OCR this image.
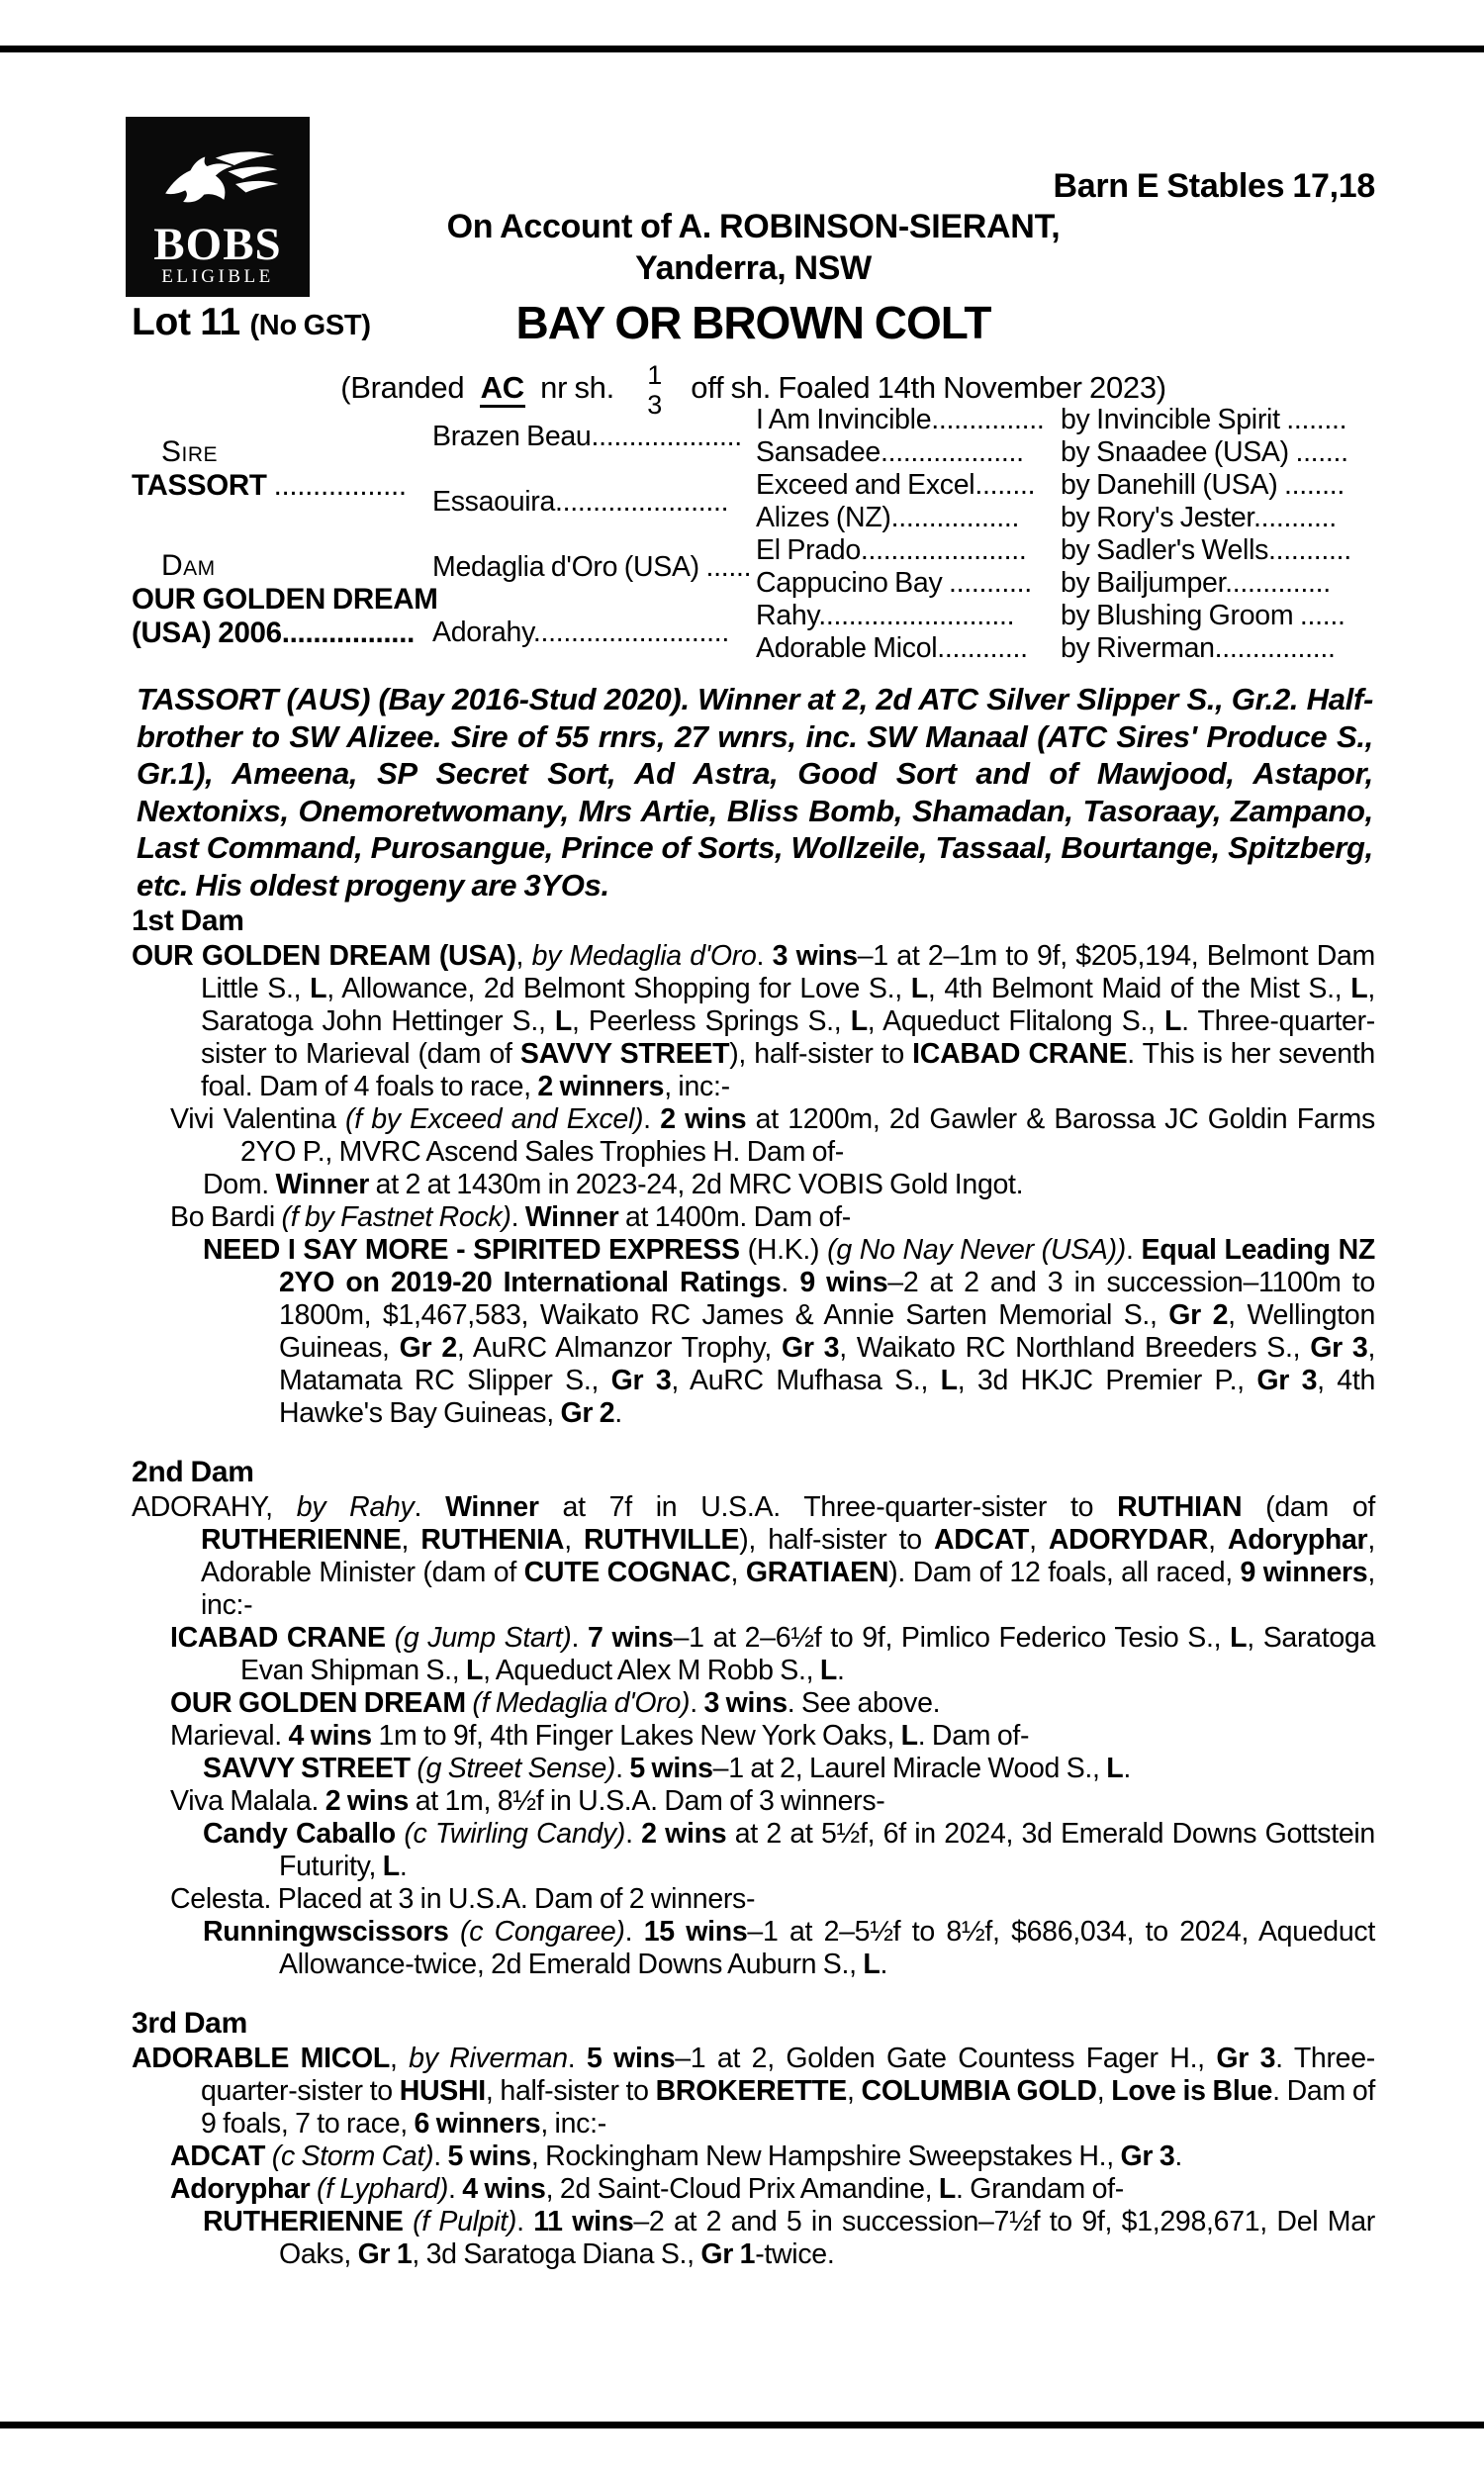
BOBS
ELIGIBLE
Barn E Stables 17,18
On Account of A. ROBINSON-SIERANT,
Yanderra, NSW
Lot 11 (No GST)	BAY OR BROWN COLT
(Branded AC nr sh. 1
3 off sh. Foaled 14th November 2023)
Sire
TASSORT .................
Dam
OUR GOLDEN DREAM
(USA) 2006.................
Brazen Beau....................
Essaouira.......................
Medaglia d'Oro (USA) ......
Adorahy..........................
I Am Invincible...............
Sansadee...................
Exceed and Excel........
Alizes (NZ).................
El Prado......................
Cappucino Bay ...........
Rahy..........................
Adorable Micol............
by Invincible Spirit ........
by Snaadee (USA) .......
by Danehill (USA) ........
by Rory's Jester...........
by Sadler's Wells...........
by Bailjumper..............
by Blushing Groom ......
by Riverman................
TASSORT (AUS) (Bay 2016-Stud 2020). Winner at 2, 2d ATC Silver Slipper S., Gr.2. Half-brother to SW Alizee. Sire of 55 rnrs, 27 wnrs, inc. SW Manaal (ATC Sires' Produce S., Gr.1), Ameena, SP Secret Sort, Ad Astra, Good Sort and of Mawjood, Astapor, Nextonixs, Onemoretwomany, Mrs Artie, Bliss Bomb, Shamadan, Tasoraay, Zampano, Last Command, Purosangue, Prince of Sorts, Wollzeile, Tassaal, Bourtange, Spitzberg, etc. His oldest progeny are 3YOs.
1st Dam

OUR GOLDEN DREAM (USA), by Medaglia d'Oro. 3 wins–1 at 2–1m to 9f, $205,194, Belmont Dam Little S., L, Allowance, 2d Belmont Shopping for Love S., L, 4th Belmont Maid of the Mist S., L, Saratoga John Hettinger S., L, Peerless Springs S., L, Aqueduct Flitalong S., L. Three-quarter-sister to Marieval (dam of SAVVY STREET), half-sister to ICABAD CRANE. This is her seventh foal. Dam of 4 foals to race, 2 winners, inc:-

Vivi Valentina (f by Exceed and Excel). 2 wins at 1200m, 2d Gawler & Barossa JC Goldin Farms 2YO P., MVRC Ascend Sales Trophies H. Dam of-

Dom. Winner at 2 at 1430m in 2023-24, 2d MRC VOBIS Gold Ingot.

Bo Bardi (f by Fastnet Rock). Winner at 1400m. Dam of-

NEED I SAY MORE - SPIRITED EXPRESS (H.K.) (g No Nay Never (USA)). Equal Leading NZ 2YO on 2019-20 International Ratings. 9 wins–2 at 2 and 3 in succession–1100m to 1800m, $1,467,583, Waikato RC James & Annie Sarten Memorial S., Gr 2, Wellington Guineas, Gr 2, AuRC Almanzor Trophy, Gr 3, Waikato RC Northland Breeders S., Gr 3, Matamata RC Slipper S., Gr 3, AuRC Mufhasa S., L, 3d HKJC Premier P., Gr 3, 4th Hawke's Bay Guineas, Gr 2.

2nd Dam

ADORAHY, by Rahy. Winner at 7f in U.S.A. Three-quarter-sister to RUTHIAN (dam of RUTHERIENNE, RUTHENIA, RUTHVILLE), half-sister to ADCAT, ADORYDAR, Adoryphar, Adorable Minister (dam of CUTE COGNAC, GRATIAEN). Dam of 12 foals, all raced, 9 winners, inc:-

ICABAD CRANE (g Jump Start). 7 wins–1 at 2–6½f to 9f, Pimlico Federico Tesio S., L, Saratoga Evan Shipman S., L, Aqueduct Alex M Robb S., L.

OUR GOLDEN DREAM (f Medaglia d'Oro). 3 wins. See above.

Marieval. 4 wins 1m to 9f, 4th Finger Lakes New York Oaks, L. Dam of-

SAVVY STREET (g Street Sense). 5 wins–1 at 2, Laurel Miracle Wood S., L.

Viva Malala. 2 wins at 1m, 8½f in U.S.A. Dam of 3 winners-

Candy Caballo (c Twirling Candy). 2 wins at 2 at 5½f, 6f in 2024, 3d Emerald Downs Gottstein Futurity, L.

Celesta. Placed at 3 in U.S.A. Dam of 2 winners-

Runningwscissors (c Congaree). 15 wins–1 at 2–5½f to 8½f, $686,034, to 2024, Aqueduct Allowance-twice, 2d Emerald Downs Auburn S., L.

3rd Dam

ADORABLE MICOL, by Riverman. 5 wins–1 at 2, Golden Gate Countess Fager H., Gr 3. Three-quarter-sister to HUSHI, half-sister to BROKERETTE, COLUMBIA GOLD, Love is Blue. Dam of 9 foals, 7 to race, 6 winners, inc:-

ADCAT (c Storm Cat). 5 wins, Rockingham New Hampshire Sweepstakes H., Gr 3.

Adoryphar (f Lyphard). 4 wins, 2d Saint-Cloud Prix Amandine, L. Grandam of-

RUTHERIENNE (f Pulpit). 11 wins–2 at 2 and 5 in succession–7½f to 9f, $1,298,671, Del Mar Oaks, Gr 1, 3d Saratoga Diana S., Gr 1-twice.
